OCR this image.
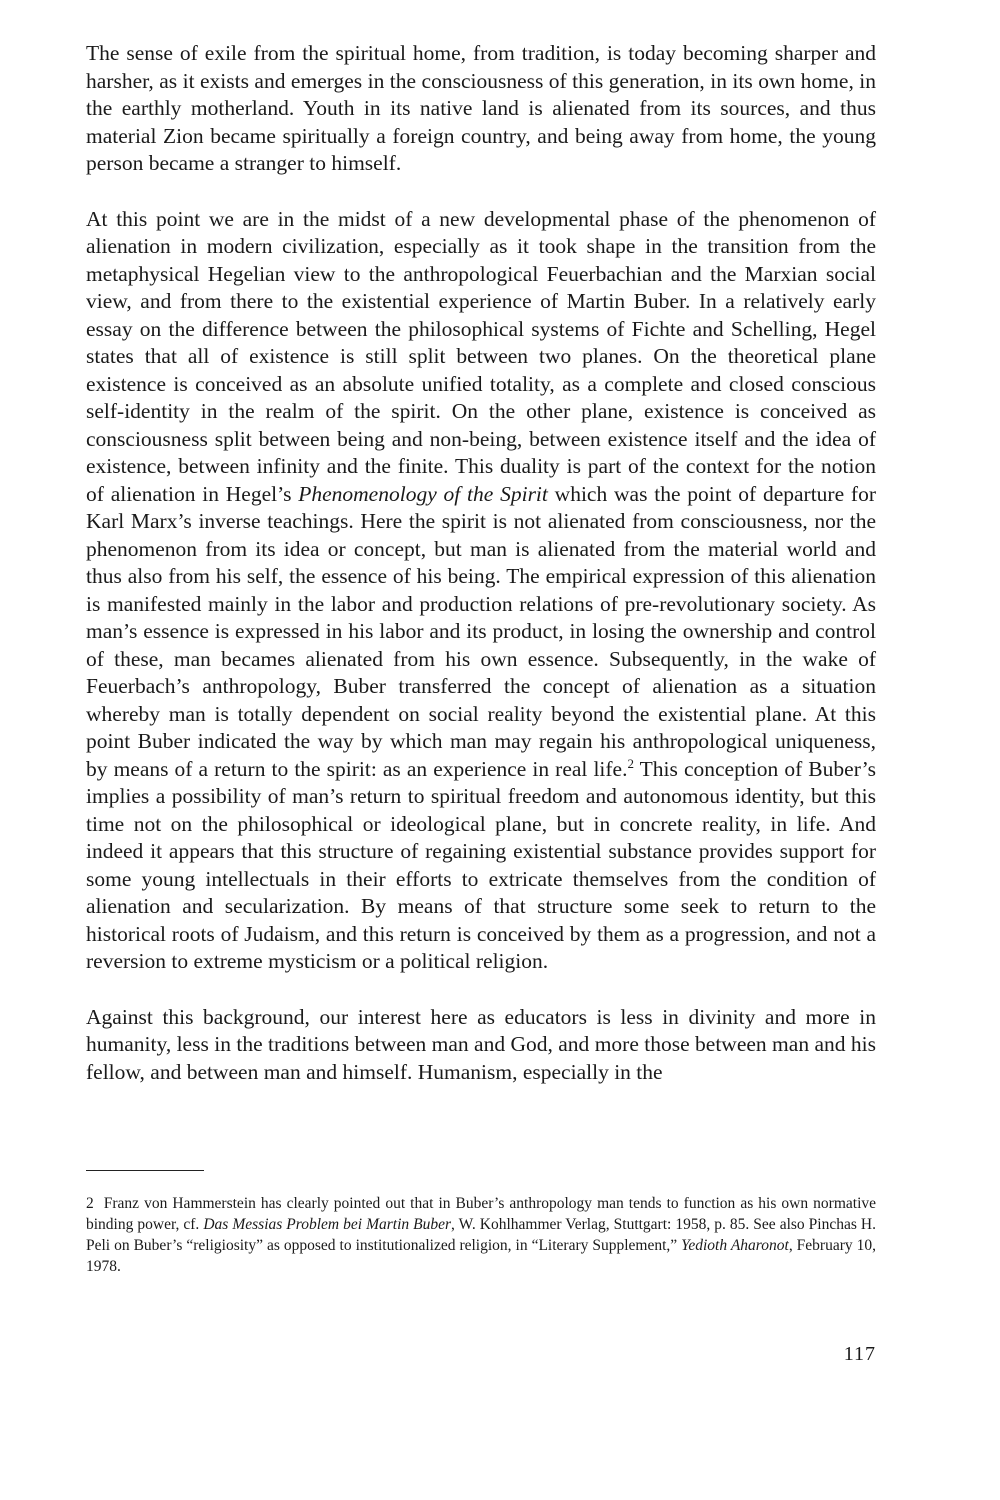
The sense of exile from the spiritual home, from tradition, is today becoming sharper and harsher, as it exists and emerges in the consciousness of this generation, in its own home, in the earthly motherland. Youth in its native land is alienated from its sources, and thus material Zion became spiritually a foreign country, and being away from home, the young person became a stranger to himself.

At this point we are in the midst of a new developmental phase of the phenomenon of alienation in modern civilization, especially as it took shape in the transition from the metaphysical Hegelian view to the anthropological Feuerbachian and the Marxian social view, and from there to the existential experience of Martin Buber. In a relatively early essay on the difference between the philosophical systems of Fichte and Schelling, Hegel states that all of existence is still split between two planes. On the theoretical plane existence is conceived as an absolute unified totality, as a complete and closed conscious self-identity in the realm of the spirit. On the other plane, existence is conceived as consciousness split between being and non-being, between existence itself and the idea of existence, between infinity and the finite. This duality is part of the context for the notion of alienation in Hegel’s Phenomenology of the Spirit which was the point of departure for Karl Marx’s inverse teachings. Here the spirit is not alienated from consciousness, nor the phenomenon from its idea or concept, but man is alienated from the material world and thus also from his self, the essence of his being. The empirical expression of this alienation is manifested mainly in the labor and production relations of pre-revolutionary society. As man’s essence is expressed in his labor and its product, in losing the ownership and control of these, man becames alienated from his own essence. Subsequently, in the wake of Feuerbach’s anthropology, Buber transferred the concept of alienation as a situation whereby man is totally dependent on social reality beyond the existential plane. At this point Buber indicated the way by which man may regain his anthropological uniqueness, by means of a return to the spirit: as an experience in real life.$^2$ This conception of Buber’s implies a possibility of man’s return to spiritual freedom and autonomous identity, but this time not on the philosophical or ideological plane, but in concrete reality, in life. And indeed it appears that this structure of regaining existential substance provides support for some young intellectuals in their efforts to extricate themselves from the condition of alienation and secularization. By means of that structure some seek to return to the historical roots of Judaism, and this return is conceived by them as a progression, and not a reversion to extreme mysticism or a political religion.

Against this background, our interest here as educators is less in divinity and more in humanity, less in the traditions between man and God, and more those between man and his fellow, and between man and himself. Humanism, especially in the

2 Franz von Hammerstein has clearly pointed out that in Buber’s anthropology man tends to function as his own normative binding power, cf. Das Messias Problem bei Martin Buber, W. Kohlhammer Verlag, Stuttgart: 1958, p. 85. See also Pinchas H. Peli on Buber’s “religiosity” as opposed to institutionalized religion, in “Literary Supplement,” Yedioth Aharonot, February 10, 1978.

117
